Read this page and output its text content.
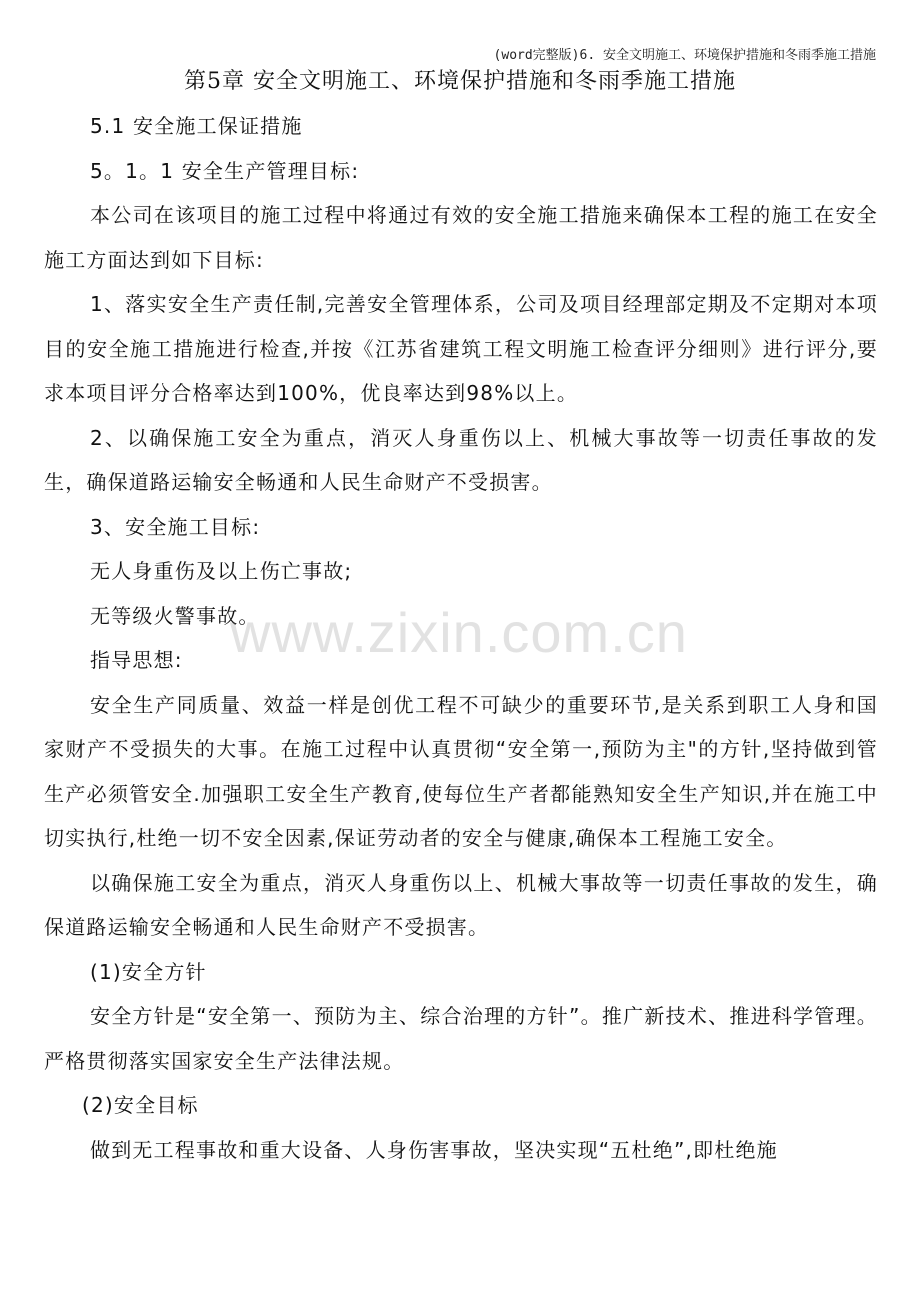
(word完整版)6. 安全文明施工、环境保护措施和冬雨季施工措施
第5章 安全文明施工、环境保护措施和冬雨季施工措施

5.1 安全施工保证措施

5。1。1 安全生产管理目标:

本公司在该项目的施工过程中将通过有效的安全施工措施来确保本工程的施工在安全施工方面达到如下目标:

1、落实安全生产责任制,完善安全管理体系，公司及项目经理部定期及不定期对本项目的安全施工措施进行检查,并按《江苏省建筑工程文明施工检查评分细则》进行评分,要求本项目评分合格率达到100%，优良率达到98%以上。

2、以确保施工安全为重点，消灭人身重伤以上、机械大事故等一切责任事故的发生，确保道路运输安全畅通和人民生命财产不受损害。

3、安全施工目标:

无人身重伤及以上伤亡事故;

无等级火警事故。

指导思想:

安全生产同质量、效益一样是创优工程不可缺少的重要环节,是关系到职工人身和国家财产不受损失的大事。在施工过程中认真贯彻“安全第一,预防为主"的方针,坚持做到管生产必须管安全.加强职工安全生产教育,使每位生产者都能熟知安全生产知识,并在施工中切实执行,杜绝一切不安全因素,保证劳动者的安全与健康,确保本工程施工安全。

以确保施工安全为重点，消灭人身重伤以上、机械大事故等一切责任事故的发生，确保道路运输安全畅通和人民生命财产不受损害。

(1)安全方针

安全方针是“安全第一、预防为主、综合治理的方针”。推广新技术、推进科学管理。严格贯彻落实国家安全生产法律法规。

(2)安全目标

做到无工程事故和重大设备、人身伤害事故，坚决实现“五杜绝”,即杜绝施

www.zixin.com.cn
